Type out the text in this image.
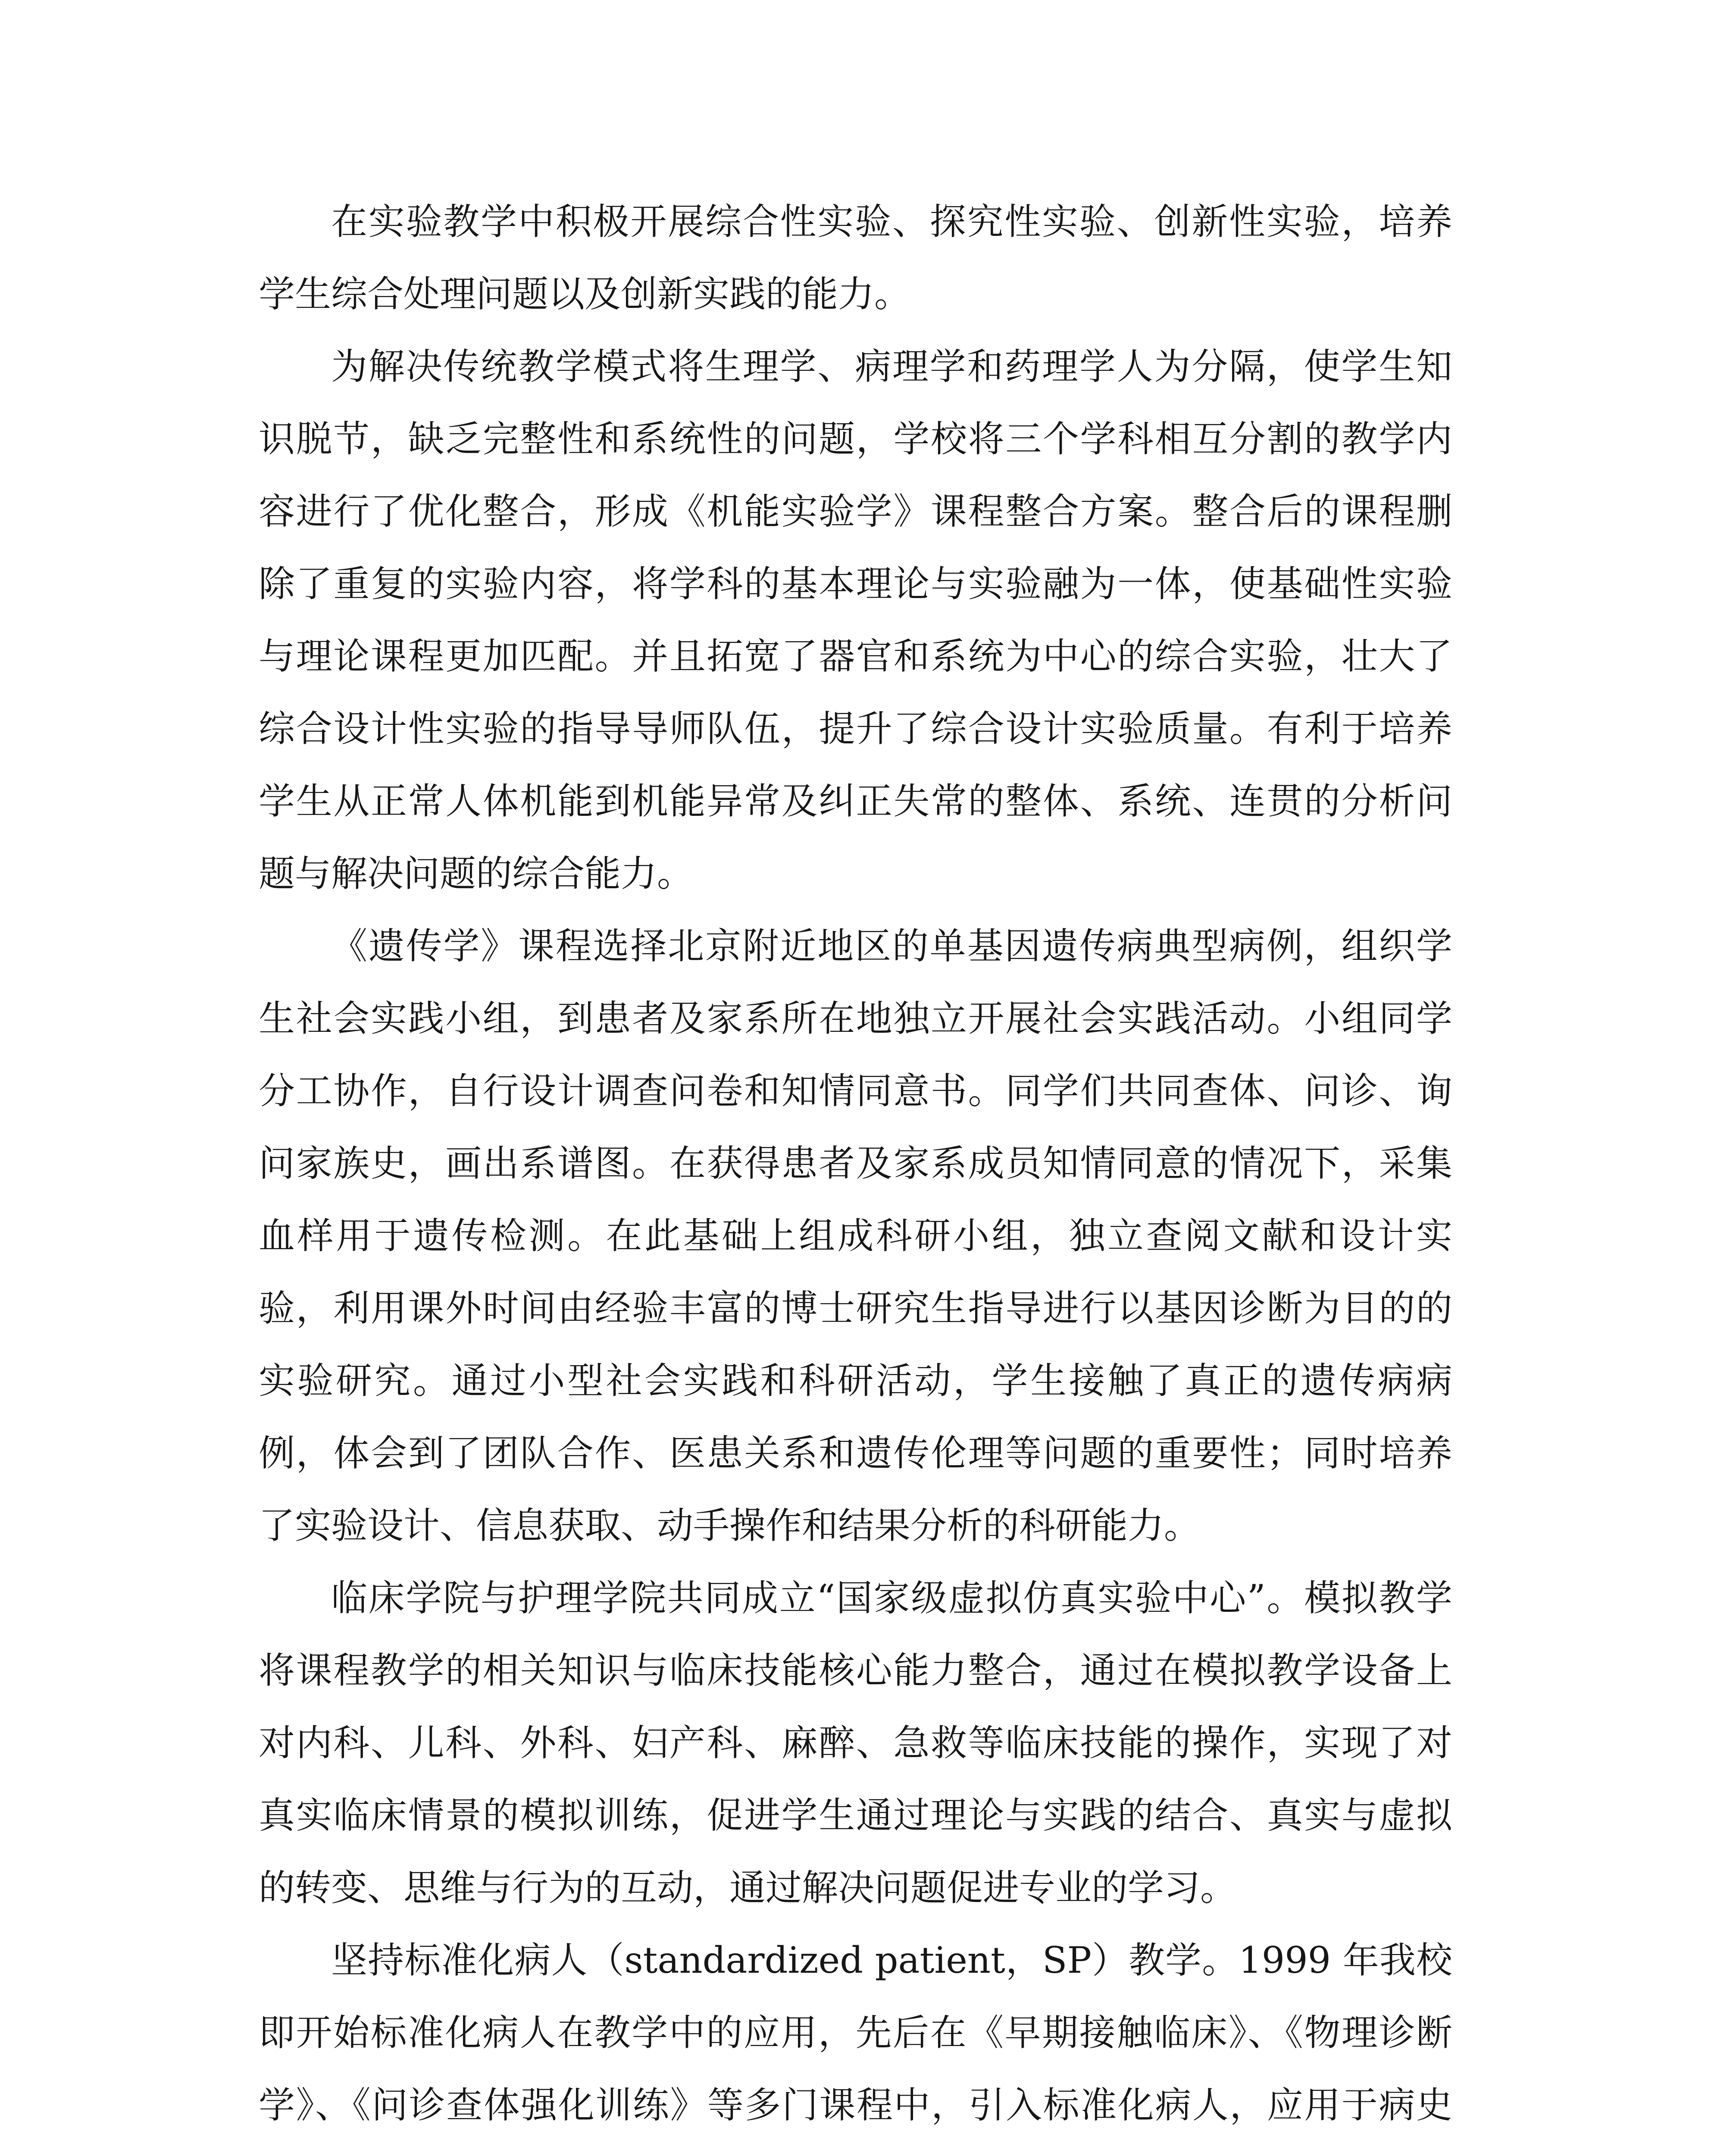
在实验教学中积极开展综合性实验、探究性实验、创新性实验，培养学生综合处理问题以及创新实践的能力。

为解决传统教学模式将生理学、病理学和药理学人为分隔，使学生知识脱节，缺乏完整性和系统性的问题，学校将三个学科相互分割的教学内容进行了优化整合，形成《机能实验学》课程整合方案。整合后的课程删除了重复的实验内容，将学科的基本理论与实验融为一体，使基础性实验与理论课程更加匹配。并且拓宽了器官和系统为中心的综合实验，壮大了综合设计性实验的指导导师队伍，提升了综合设计实验质量。有利于培养学生从正常人体机能到机能异常及纠正失常的整体、系统、连贯的分析问题与解决问题的综合能力。

《遗传学》课程选择北京附近地区的单基因遗传病典型病例，组织学生社会实践小组，到患者及家系所在地独立开展社会实践活动。小组同学分工协作，自行设计调查问卷和知情同意书。同学们共同查体、问诊、询问家族史，画出系谱图。在获得患者及家系成员知情同意的情况下，采集血样用于遗传检测。在此基础上组成科研小组，独立查阅文献和设计实验，利用课外时间由经验丰富的博士研究生指导进行以基因诊断为目的的实验研究。通过小型社会实践和科研活动，学生接触了真正的遗传病病例，体会到了团队合作、医患关系和遗传伦理等问题的重要性；同时培养了实验设计、信息获取、动手操作和结果分析的科研能力。

临床学院与护理学院共同成立“国家级虚拟仿真实验中心”。模拟教学将课程教学的相关知识与临床技能核心能力整合，通过在模拟教学设备上对内科、儿科、外科、妇产科、麻醉、急救等临床技能的操作，实现了对真实临床情景的模拟训练，促进学生通过理论与实践的结合、真实与虚拟的转变、思维与行为的互动，通过解决问题促进专业的学习。

坚持标准化病人（standardized patient，SP）教学。1999 年我校即开始标准化病人在教学中的应用，先后在《早期接触临床》、《物理诊断学》、《问诊查体强化训练》等多门课程中，引入标准化病人，应用于病史
